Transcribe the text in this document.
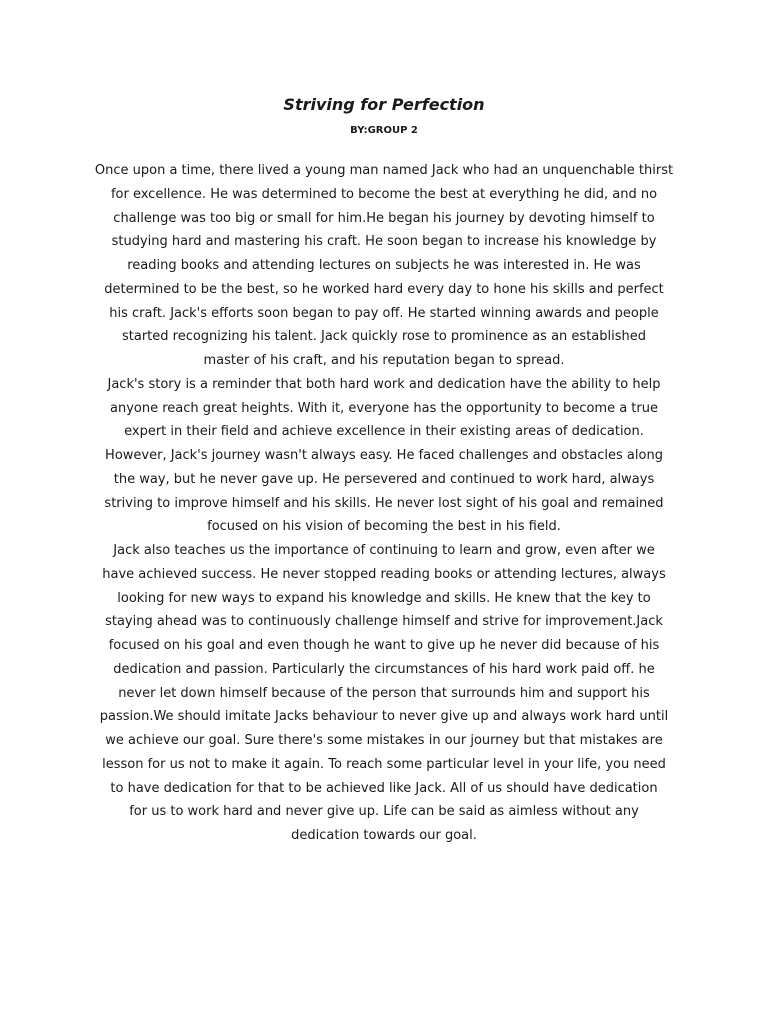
Striving for Perfection
BY:GROUP 2
Once upon a time, there lived a young man named Jack who had an unquenchable thirst
for excellence. He was determined to become the best at everything he did, and no
challenge was too big or small for him.He began his journey by devoting himself to
studying hard and mastering his craft. He soon began to increase his knowledge by
reading books and attending lectures on subjects he was interested in. He was
determined to be the best, so he worked hard every day to hone his skills and perfect
his craft. Jack's efforts soon began to pay off. He started winning awards and people
started recognizing his talent. Jack quickly rose to prominence as an established
master of his craft, and his reputation began to spread.
Jack's story is a reminder that both hard work and dedication have the ability to help
anyone reach great heights. With it, everyone has the opportunity to become a true
expert in their field and achieve excellence in their existing areas of dedication.
However, Jack's journey wasn't always easy. He faced challenges and obstacles along
the way, but he never gave up. He persevered and continued to work hard, always
striving to improve himself and his skills. He never lost sight of his goal and remained
focused on his vision of becoming the best in his field.
Jack also teaches us the importance of continuing to learn and grow, even after we
have achieved success. He never stopped reading books or attending lectures, always
looking for new ways to expand his knowledge and skills. He knew that the key to
staying ahead was to continuously challenge himself and strive for improvement.Jack
focused on his goal and even though he want to give up he never did because of his
dedication and passion. Particularly the circumstances of his hard work paid off. he
never let down himself because of the person that surrounds him and support his
passion.We should imitate Jacks behaviour to never give up and always work hard until
we achieve our goal. Sure there's some mistakes in our journey but that mistakes are
lesson for us not to make it again. To reach some particular level in your life, you need
to have dedication for that to be achieved like Jack. All of us should have dedication
for us to work hard and never give up. Life can be said as aimless without any
dedication towards our goal.
